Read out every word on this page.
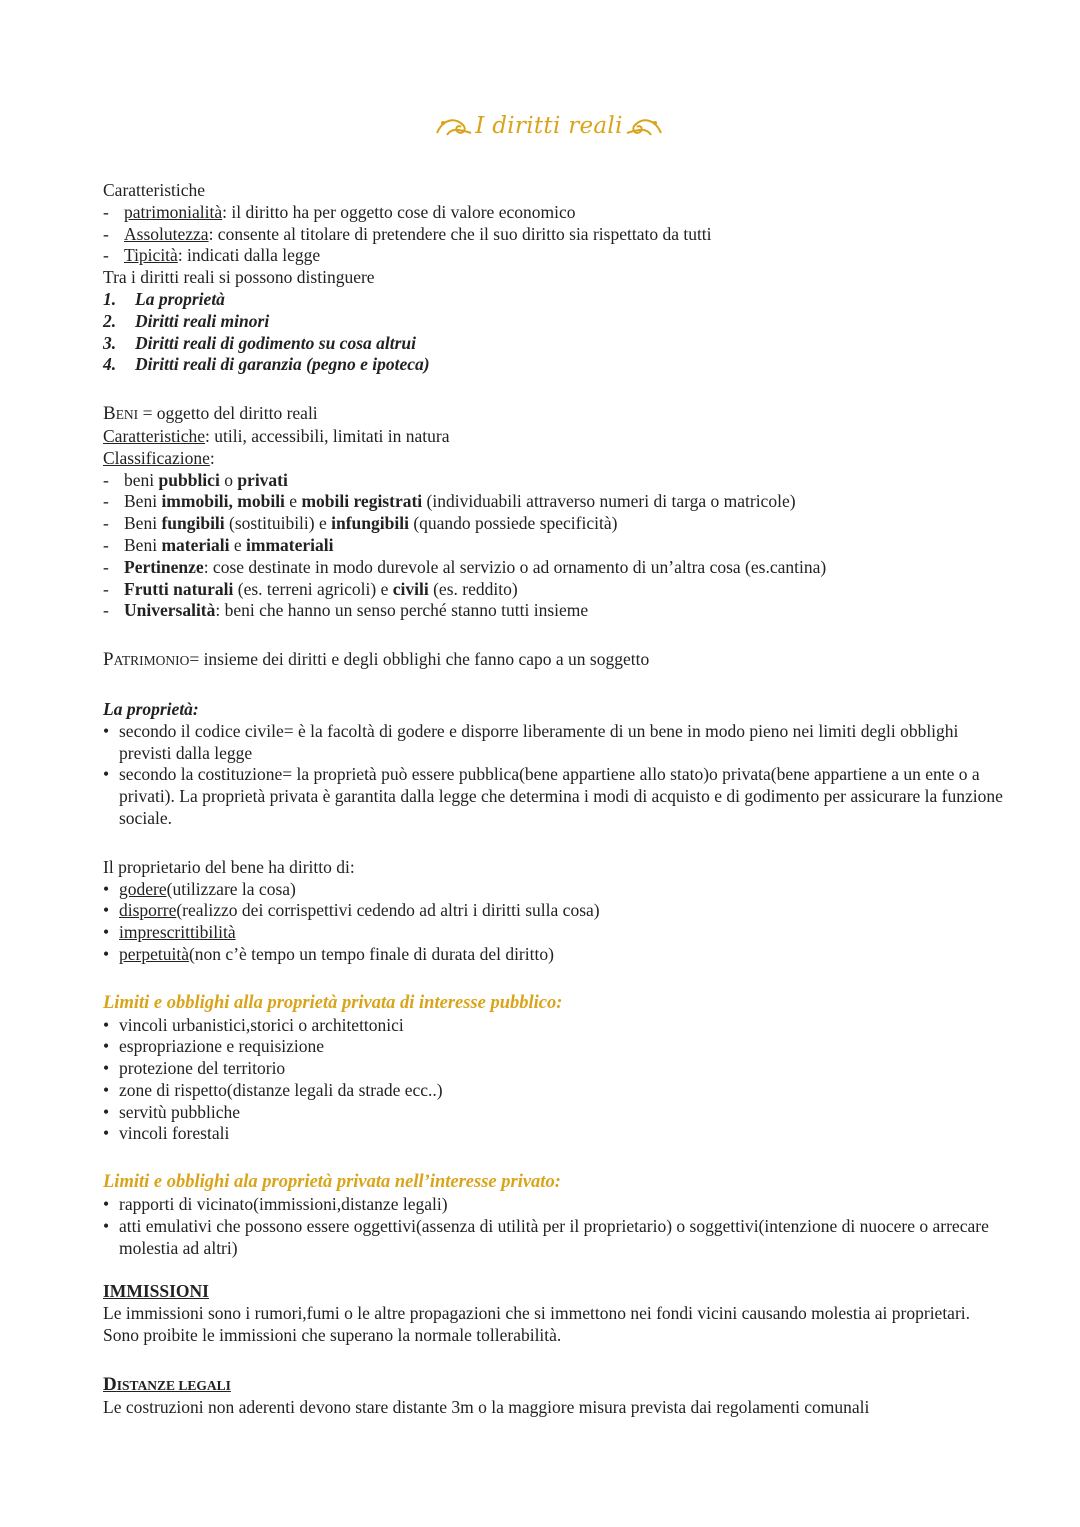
I diritti reali
Caratteristiche
- patrimonialità: il diritto ha per oggetto cose di valore economico
- Assolutezza: consente al titolare di pretendere che il suo diritto sia rispettato da tutti
- Tipicità: indicati dalla legge
Tra i diritti reali si possono distinguere
1. La proprietà
2. Diritti reali minori
3. Diritti reali di godimento su cosa altrui
4. Diritti reali di garanzia (pegno e ipoteca)
BENI = oggetto del diritto reali
Caratteristiche: utili, accessibili, limitati in natura
Classificazione:
- beni pubblici o privati
- Beni immobili, mobili e mobili registrati (individuabili attraverso numeri di targa o matricole)
- Beni fungibili (sostituibili) e infungibili (quando possiede specificità)
- Beni materiali e immateriali
- Pertinenze: cose destinate in modo durevole al servizio o ad ornamento di un’altra cosa (es.cantina)
- Frutti naturali (es. terreni agricoli) e civili (es. reddito)
- Universalità: beni che hanno un senso perché stanno tutti insieme
PATRIMONIO= insieme dei diritti e degli obblighi che fanno capo a un soggetto
La proprietà:
• secondo il codice civile= è la facoltà di godere e disporre liberamente di un bene in modo pieno nei limiti degli obblighi previsti dalla legge
• secondo la costituzione= la proprietà può essere pubblica(bene appartiene allo stato)o privata(bene appartiene a un ente o a privati). La proprietà privata è garantita dalla legge che determina i modi di acquisto e di godimento per assicurare la funzione sociale.
Il proprietario del bene ha diritto di:
• godere(utilizzare la cosa)
• disporre(realizzo dei corrispettivi cedendo ad altri i diritti sulla cosa)
• imprescrittibilità
• perpetuità(non c’è tempo un tempo finale di durata del diritto)
Limiti e obblighi alla proprietà privata di interesse pubblico:
• vincoli urbanistici,storici o architettonici
• espropriazione e requisizione
• protezione del territorio
• zone di rispetto(distanze legali da strade ecc..)
• servitù pubbliche
• vincoli forestali
Limiti e obblighi ala proprietà privata nell’interesse privato:
• rapporti di vicinato(immissioni,distanze legali)
• atti emulativi che possono essere oggettivi(assenza di utilità per il proprietario) o soggettivi(intenzione di nuocere o arrecare molestia ad altri)
IMMISSIONI
Le immissioni sono i rumori,fumi o le altre propagazioni che si immettono nei fondi vicini causando molestia ai proprietari. Sono proibite le immissioni che superano la normale tollerabilità.
DISTANZE LEGALI
Le costruzioni non aderenti devono stare distante 3m o la maggiore misura prevista dai regolamenti comunali
